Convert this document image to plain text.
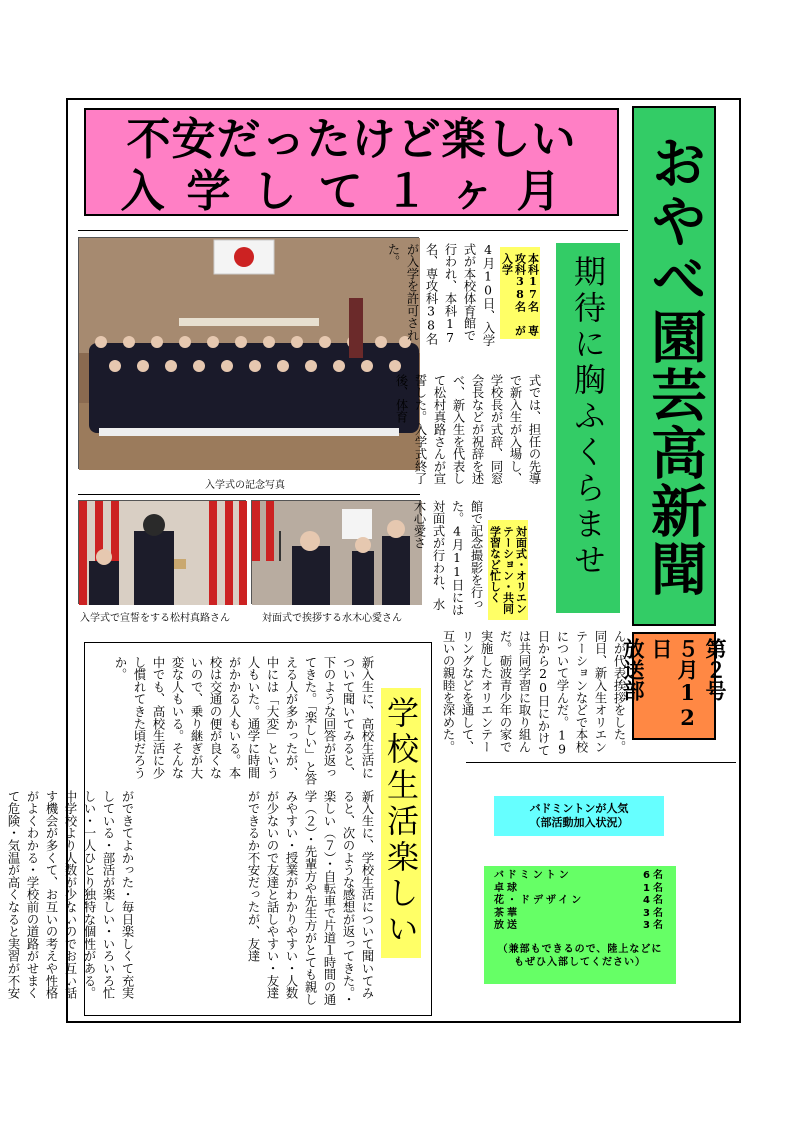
不安だったけど楽しい
入学して１ヶ月	おやべ園芸高新聞
第２号
５月12日
放送部
入学式の記念写真
入学式で宣誓をする松村真路さん	対面式で挨拶する水木心愛さん
期待に胸ふくらませ
本科17名 専攻科38名 が入学
対面式・オリエンテーション・共同学習など忙しく
4月10日、入学式が本校体育館で行われ、本科17名、専攻科38名が入学を許可された。
式では、担任の先導で新入生が入場し、学校長が式辞、同窓会長などが祝辞を述べ、新入生を代表して松村真路さんが宣誓した。入学式終了後、体育
館で記念撮影を行った。4月11日には対面式が行われ、水木心愛さ
んが代表挨拶をした。同日、新入生オリエンテーションなどで本校について学んだ。19日から20日にかけては共同学習に取り組んだ。砺波青少年の家で実施したオリエンテーリングなどを通して、互いの親睦を深めた。
学校生活楽しい
新入生に、高校生活について聞いてみると、下のような回答が返ってきた。「楽しい」と答える人が多かったが、中には「大変」という人もいた。通学に時間がかかる人もいる。本校は交通の便が良くないので、乗り継ぎが大変な人もいる。そんな中でも、高校生活に少し慣れてきた頃だろうか。
新入生に、学校生活について聞いてみると、次のような感想が返ってきた。・楽しい（７）・自転車で片道１時間の通学（２）・先輩方や先生方がとても親しみやすい・授業がわかりやすい・人数が少ないので友達と話しやすい・友達ができるか不安だったが、友達
ができてよかった・毎日楽しくて充実している・部活が楽しい・いろいろ忙しい・一人ひとり独特な個性がある。中学校より人数が少ないのでお互い話す機会が多くて、お互いの考えや性格がよくわかる・学校前の道路がせまくて危険・気温が高くなると実習が不安	バドミントンが人気
（部活動加入状況）
バドミントン	6名
卓球	1名
花・ドデザイン	4名
茶華	3名
放送	3名
（兼部もできるので、陸上などにもぜひ入部してください）
